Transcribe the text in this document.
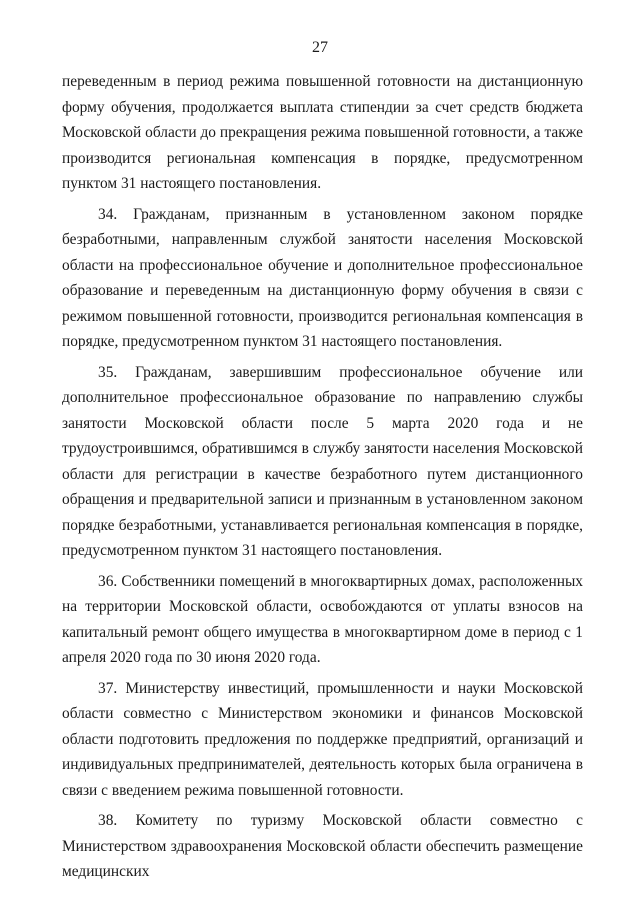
27

переведенным в период режима повышенной готовности на дистанционную форму обучения, продолжается выплата стипендии за счет средств бюджета Московской области до прекращения режима повышенной готовности, а также производится региональная компенсация в порядке, предусмотренном пунктом 31 настоящего постановления.

34. Гражданам, признанным в установленном законом порядке безработными, направленным службой занятости населения Московской области на профессиональное обучение и дополнительное профессиональное образование и переведенным на дистанционную форму обучения в связи с режимом повышенной готовности, производится региональная компенсация в порядке, предусмотренном пунктом 31 настоящего постановления.

35. Гражданам, завершившим профессиональное обучение или дополнительное профессиональное образование по направлению службы занятости Московской области после 5 марта 2020 года и не трудоустроившимся, обратившимся в службу занятости населения Московской области для регистрации в качестве безработного путем дистанционного обращения и предварительной записи и признанным в установленном законом порядке безработными, устанавливается региональная компенсация в порядке, предусмотренном пунктом 31 настоящего постановления.

36. Собственники помещений в многоквартирных домах, расположенных на территории Московской области, освобождаются от уплаты взносов на капитальный ремонт общего имущества в многоквартирном доме в период с 1 апреля 2020 года по 30 июня 2020 года.

37. Министерству инвестиций, промышленности и науки Московской области совместно с Министерством экономики и финансов Московской области подготовить предложения по поддержке предприятий, организаций и индивидуальных предпринимателей, деятельность которых была ограничена в связи с введением режима повышенной готовности.

38. Комитету по туризму Московской области совместно с Министерством здравоохранения Московской области обеспечить размещение медицинских
